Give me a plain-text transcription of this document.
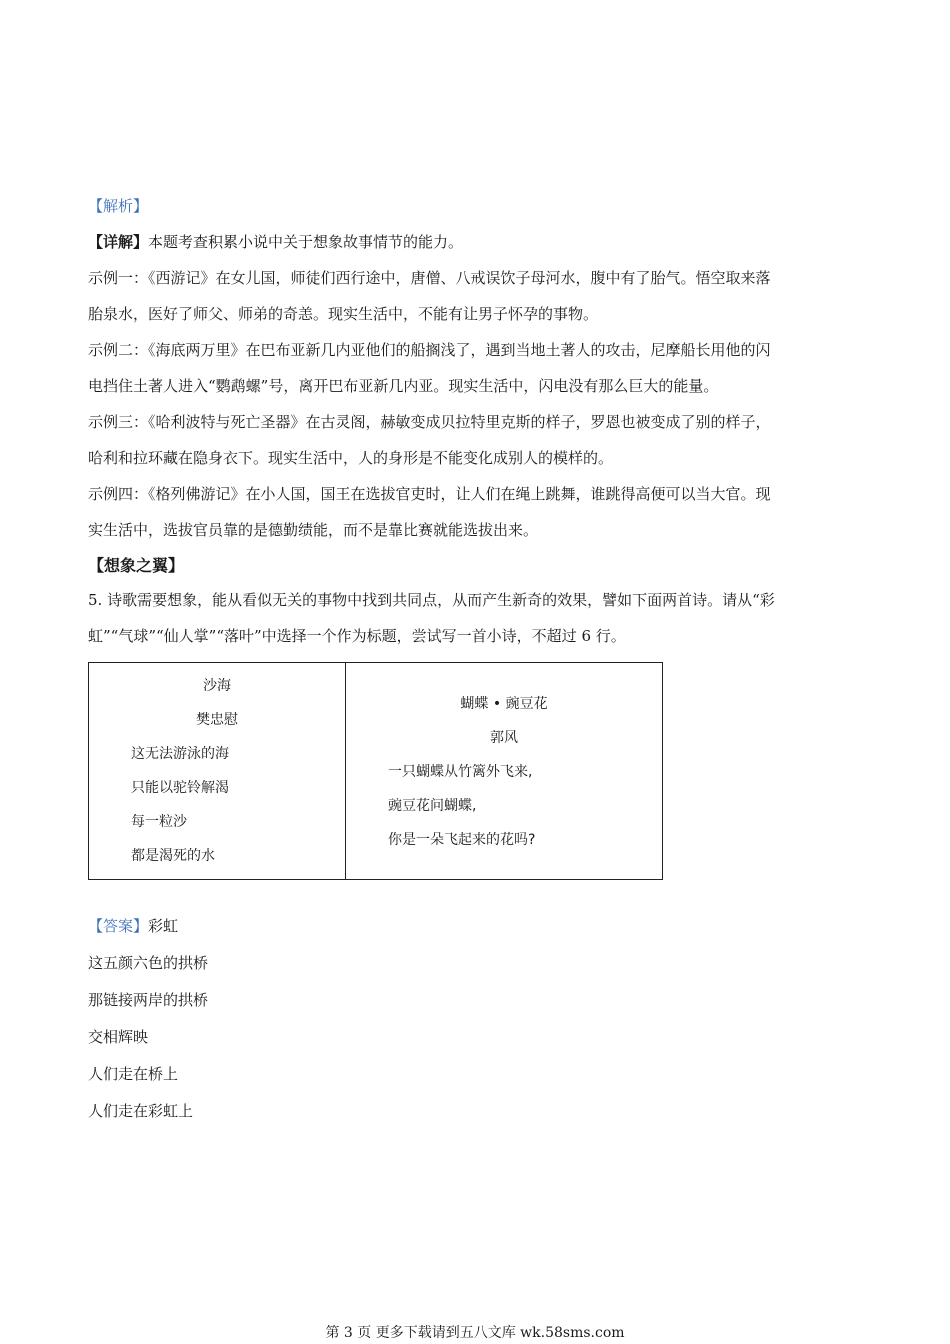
【解析】
【详解】本题考查积累小说中关于想象故事情节的能力。
示例一：《西游记》在女儿国，师徒们西行途中，唐僧、八戒误饮子母河水，腹中有了胎气。悟空取来落
胎泉水，医好了师父、师弟的奇恙。现实生活中，不能有让男子怀孕的事物。
示例二：《海底两万里》在巴布亚新几内亚他们的船搁浅了，遇到当地土著人的攻击，尼摩船长用他的闪
电挡住土著人进入“鹦鹉螺”号，离开巴布亚新几内亚。现实生活中，闪电没有那么巨大的能量。
示例三：《哈利波特与死亡圣器》在古灵阁，赫敏变成贝拉特里克斯的样子，罗恩也被变成了别的样子，
哈利和拉环藏在隐身衣下。现实生活中，人的身形是不能变化成别人的模样的。
示例四：《格列佛游记》在小人国，国王在选拔官吏时，让人们在绳上跳舞，谁跳得高便可以当大官。现
实生活中，选拔官员靠的是德勤绩能，而不是靠比赛就能选拔出来。
【想象之翼】
5. 诗歌需要想象，能从看似无关的事物中找到共同点，从而产生新奇的效果，譬如下面两首诗。请从“彩
虹”“气球”“仙人掌”“落叶”中选择一个作为标题，尝试写一首小诗，不超过 6 行。
沙海
樊忠慰
这无法游泳的海
只能以驼铃解渴
每一粒沙
都是渴死的水

蝴蝶 • 豌豆花
郭风
一只蝴蝶从竹篱外飞来,
豌豆花问蝴蝶,
你是一朵飞起来的花吗?
【答案】彩虹
这五颜六色的拱桥
那链接两岸的拱桥
交相辉映
人们走在桥上
人们走在彩虹上
第 3 页 更多下载请到五八文库 wk.58sms.com
